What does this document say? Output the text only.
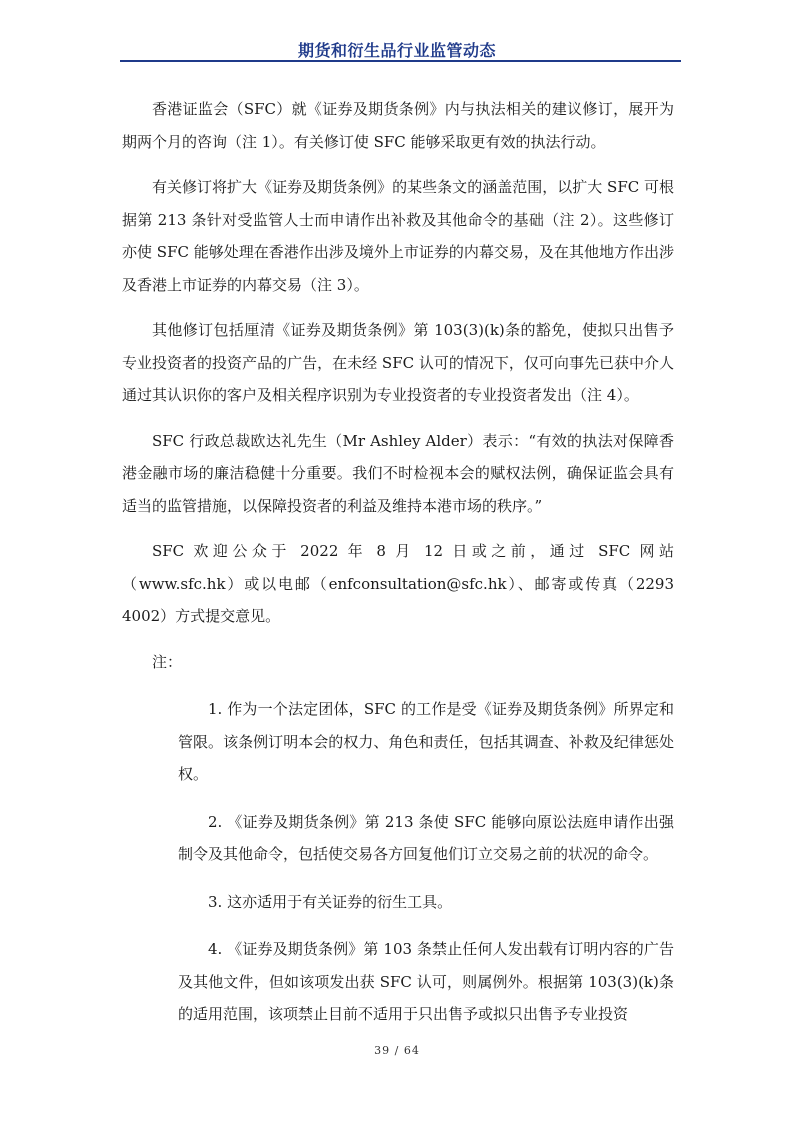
期货和衍生品行业监管动态

香港证监会（SFC）就《证券及期货条例》内与执法相关的建议修订，展开为期两个月的咨询（注 1）。有关修订使 SFC 能够采取更有效的执法行动。

有关修订将扩大《证券及期货条例》的某些条文的涵盖范围，以扩大 SFC 可根据第 213 条针对受监管人士而申请作出补救及其他命令的基础（注 2）。这些修订亦使 SFC 能够处理在香港作出涉及境外上市证券的内幕交易，及在其他地方作出涉及香港上市证券的内幕交易（注 3）。

其他修订包括厘清《证券及期货条例》第 103(3)(k)条的豁免，使拟只出售予专业投资者的投资产品的广告，在未经 SFC 认可的情况下，仅可向事先已获中介人通过其认识你的客户及相关程序识别为专业投资者的专业投资者发出（注 4）。

SFC 行政总裁欧达礼先生（Mr Ashley Alder）表示：“有效的执法对保障香港金融市场的廉洁稳健十分重要。我们不时检视本会的赋权法例，确保证监会具有适当的监管措施，以保障投资者的利益及维持本港市场的秩序。”

SFC 欢迎公众于 2022 年 8 月 12 日或之前，通过 SFC 网站（www.sfc.hk）或以电邮（enfconsultation@sfc.hk）、邮寄或传真（2293 4002）方式提交意见。

注：

1. 作为一个法定团体，SFC 的工作是受《证券及期货条例》所界定和管限。该条例订明本会的权力、角色和责任，包括其调查、补救及纪律惩处权。

2. 《证券及期货条例》第 213 条使 SFC 能够向原讼法庭申请作出强制令及其他命令，包括使交易各方回复他们订立交易之前的状况的命令。

3. 这亦适用于有关证券的衍生工具。

4. 《证券及期货条例》第 103 条禁止任何人发出载有订明内容的广告及其他文件，但如该项发出获 SFC 认可，则属例外。根据第 103(3)(k)条的适用范围，该项禁止目前不适用于只出售予或拟只出售予专业投资

39 / 64
